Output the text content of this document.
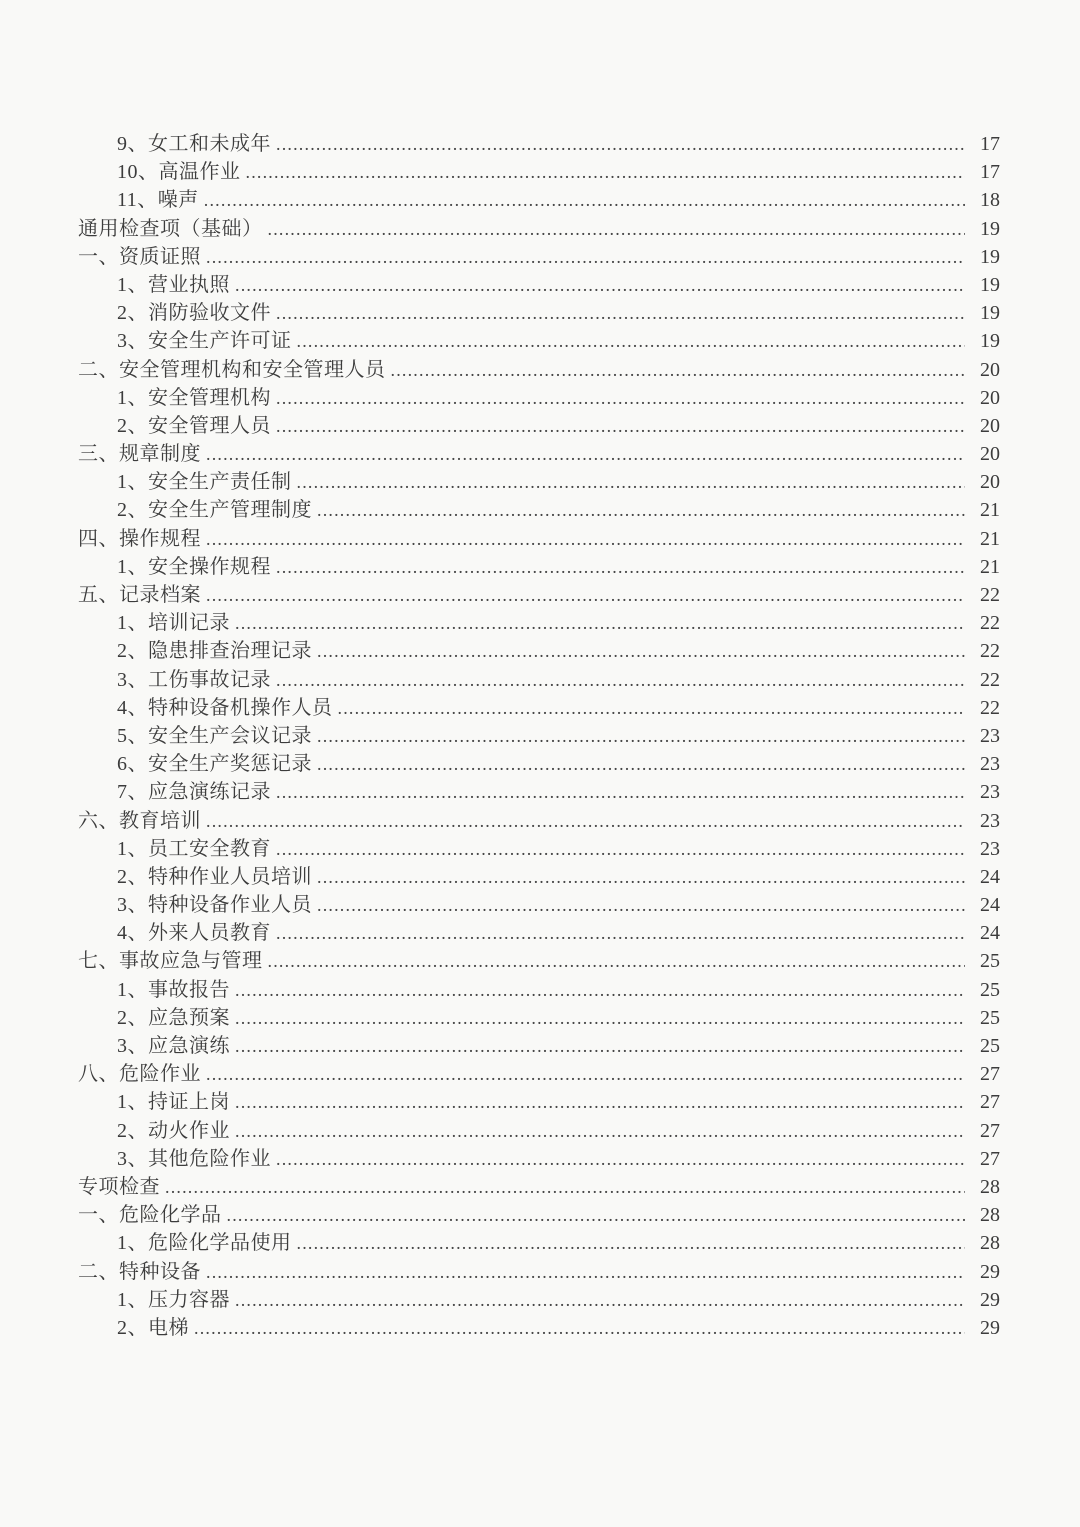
9、女工和未成年 .....	17
10、高温作业 .....	17
11、噪声 .....	18
通用检查项（基础） .....	19
一、资质证照 .....	19
1、营业执照 .....	19
2、消防验收文件 .....	19
3、安全生产许可证 .....	19
二、安全管理机构和安全管理人员 .....	20
1、安全管理机构 .....	20
2、安全管理人员 .....	20
三、规章制度 .....	20
1、安全生产责任制 .....	20
2、安全生产管理制度 .....	21
四、操作规程 .....	21
1、安全操作规程 .....	21
五、记录档案 .....	22
1、培训记录 .....	22
2、隐患排查治理记录 .....	22
3、工伤事故记录 .....	22
4、特种设备机操作人员 .....	22
5、安全生产会议记录 .....	23
6、安全生产奖惩记录 .....	23
7、应急演练记录 .....	23
六、教育培训 .....	23
1、员工安全教育 .....	23
2、特种作业人员培训 .....	24
3、特种设备作业人员 .....	24
4、外来人员教育 .....	24
七、事故应急与管理 .....	25
1、事故报告 .....	25
2、应急预案 .....	25
3、应急演练 .....	25
八、危险作业 .....	27
1、持证上岗 .....	27
2、动火作业 .....	27
3、其他危险作业 .....	27
专项检查 .....	28
一、危险化学品 .....	28
1、危险化学品使用 .....	28
二、特种设备 .....	29
1、压力容器 .....	29
2、电梯 .....	29
